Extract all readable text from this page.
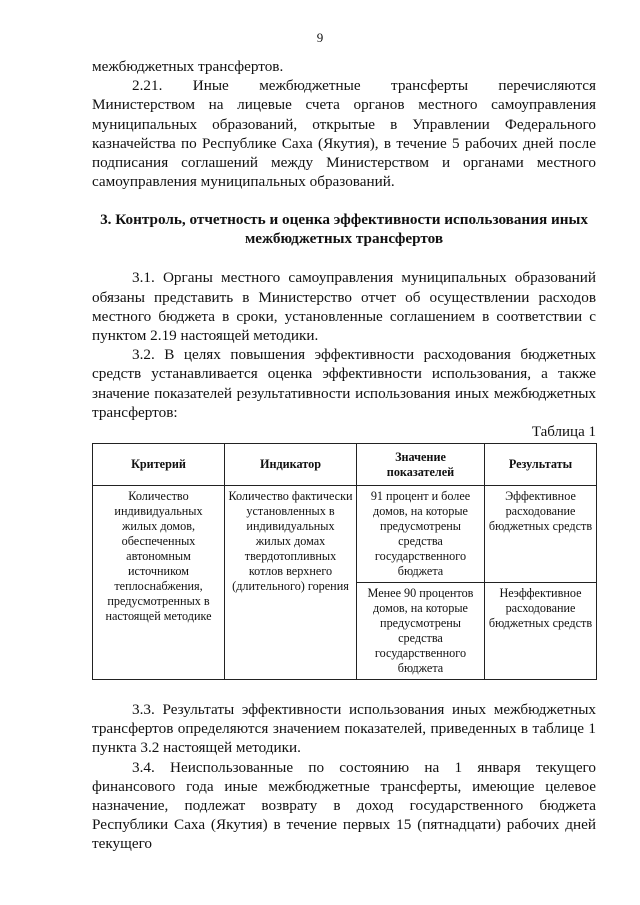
9

межбюджетных трансфертов.

2.21. Иные межбюджетные трансферты перечисляются Министерством на лицевые счета органов местного самоуправления муниципальных образований, открытые в Управлении Федерального казначейства по Республике Саха (Якутия), в течение 5 рабочих дней после подписания соглашений между Министерством и органами местного самоуправления муниципальных образований.

3. Контроль, отчетность и оценка эффективности использования иных межбюджетных трансфертов

3.1. Органы местного самоуправления муниципальных образований обязаны представить в Министерство отчет об осуществлении расходов местного бюджета в сроки, установленные соглашением в соответствии с пунктом 2.19 настоящей методики.

3.2. В целях повышения эффективности расходования бюджетных средств устанавливается оценка эффективности использования, а также значение показателей результативности использования иных межбюджетных трансфертов:

Таблица 1
Критерий	Индикатор	Значение показателей	Результаты
Количество индивидуальных жилых домов, обеспеченных автономным источником теплоснабжения, предусмотренных в настоящей методике	Количество фактически установленных в индивидуальных жилых домах твердотопливных котлов верхнего (длительного) горения	91 процент и более домов, на которые предусмотрены средства государственного бюджета	Эффективное расходование бюджетных средств
		Менее 90 процентов домов, на которые предусмотрены средства государственного бюджета	Неэффективное расходование бюджетных средств

3.3. Результаты эффективности использования иных межбюджетных трансфертов определяются значением показателей, приведенных в таблице 1 пункта 3.2 настоящей методики.

3.4. Неиспользованные по состоянию на 1 января текущего финансового года иные межбюджетные трансферты, имеющие целевое назначение, подлежат возврату в доход государственного бюджета Республики Саха (Якутия) в течение первых 15 (пятнадцати) рабочих дней текущего
